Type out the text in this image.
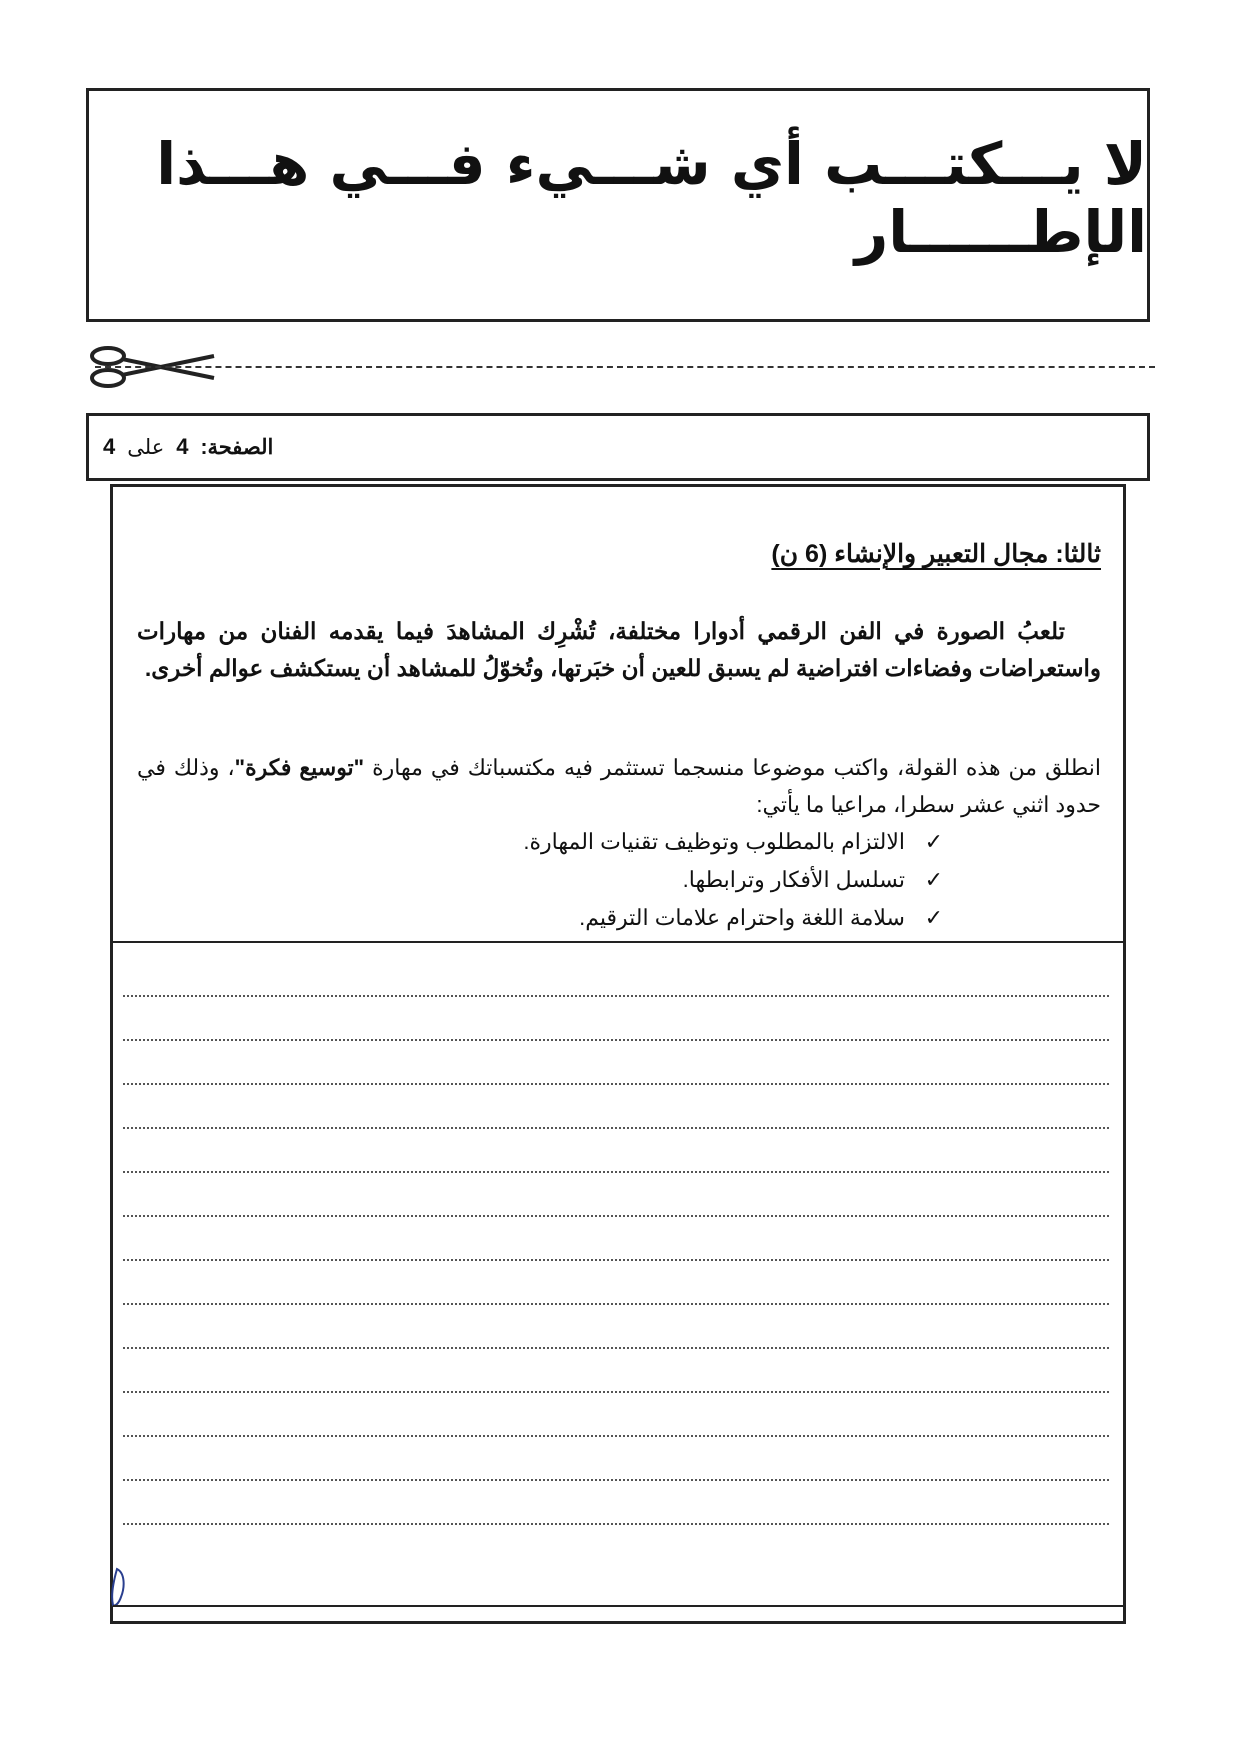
لا يـــكتـــب أي شـــيء فـــي هـــذا الإطــــــار
الصفحة:
4
على
4
ثالثا: مجال التعبير والإنشاء (6 ن)

تلعبُ الصورة في الفن الرقمي أدوارا مختلفة، تُشْرِك المشاهدَ فيما يقدمه الفنان من مهارات واستعراضات وفضاءات افتراضية لم يسبق للعين أن خبَرتها، وتُخوّلُ للمشاهد أن يستكشف عوالم أخرى.

انطلق من هذه القولة، واكتب موضوعا منسجما تستثمر فيه مكتسباتك في مهارة "توسيع فكرة"، وذلك في حدود اثني عشر سطرا، مراعيا ما يأتي:

✓
الالتزام بالمطلوب وتوظيف تقنيات المهارة.
✓
تسلسل الأفكار وترابطها.
✓
سلامة اللغة واحترام علامات الترقيم.
